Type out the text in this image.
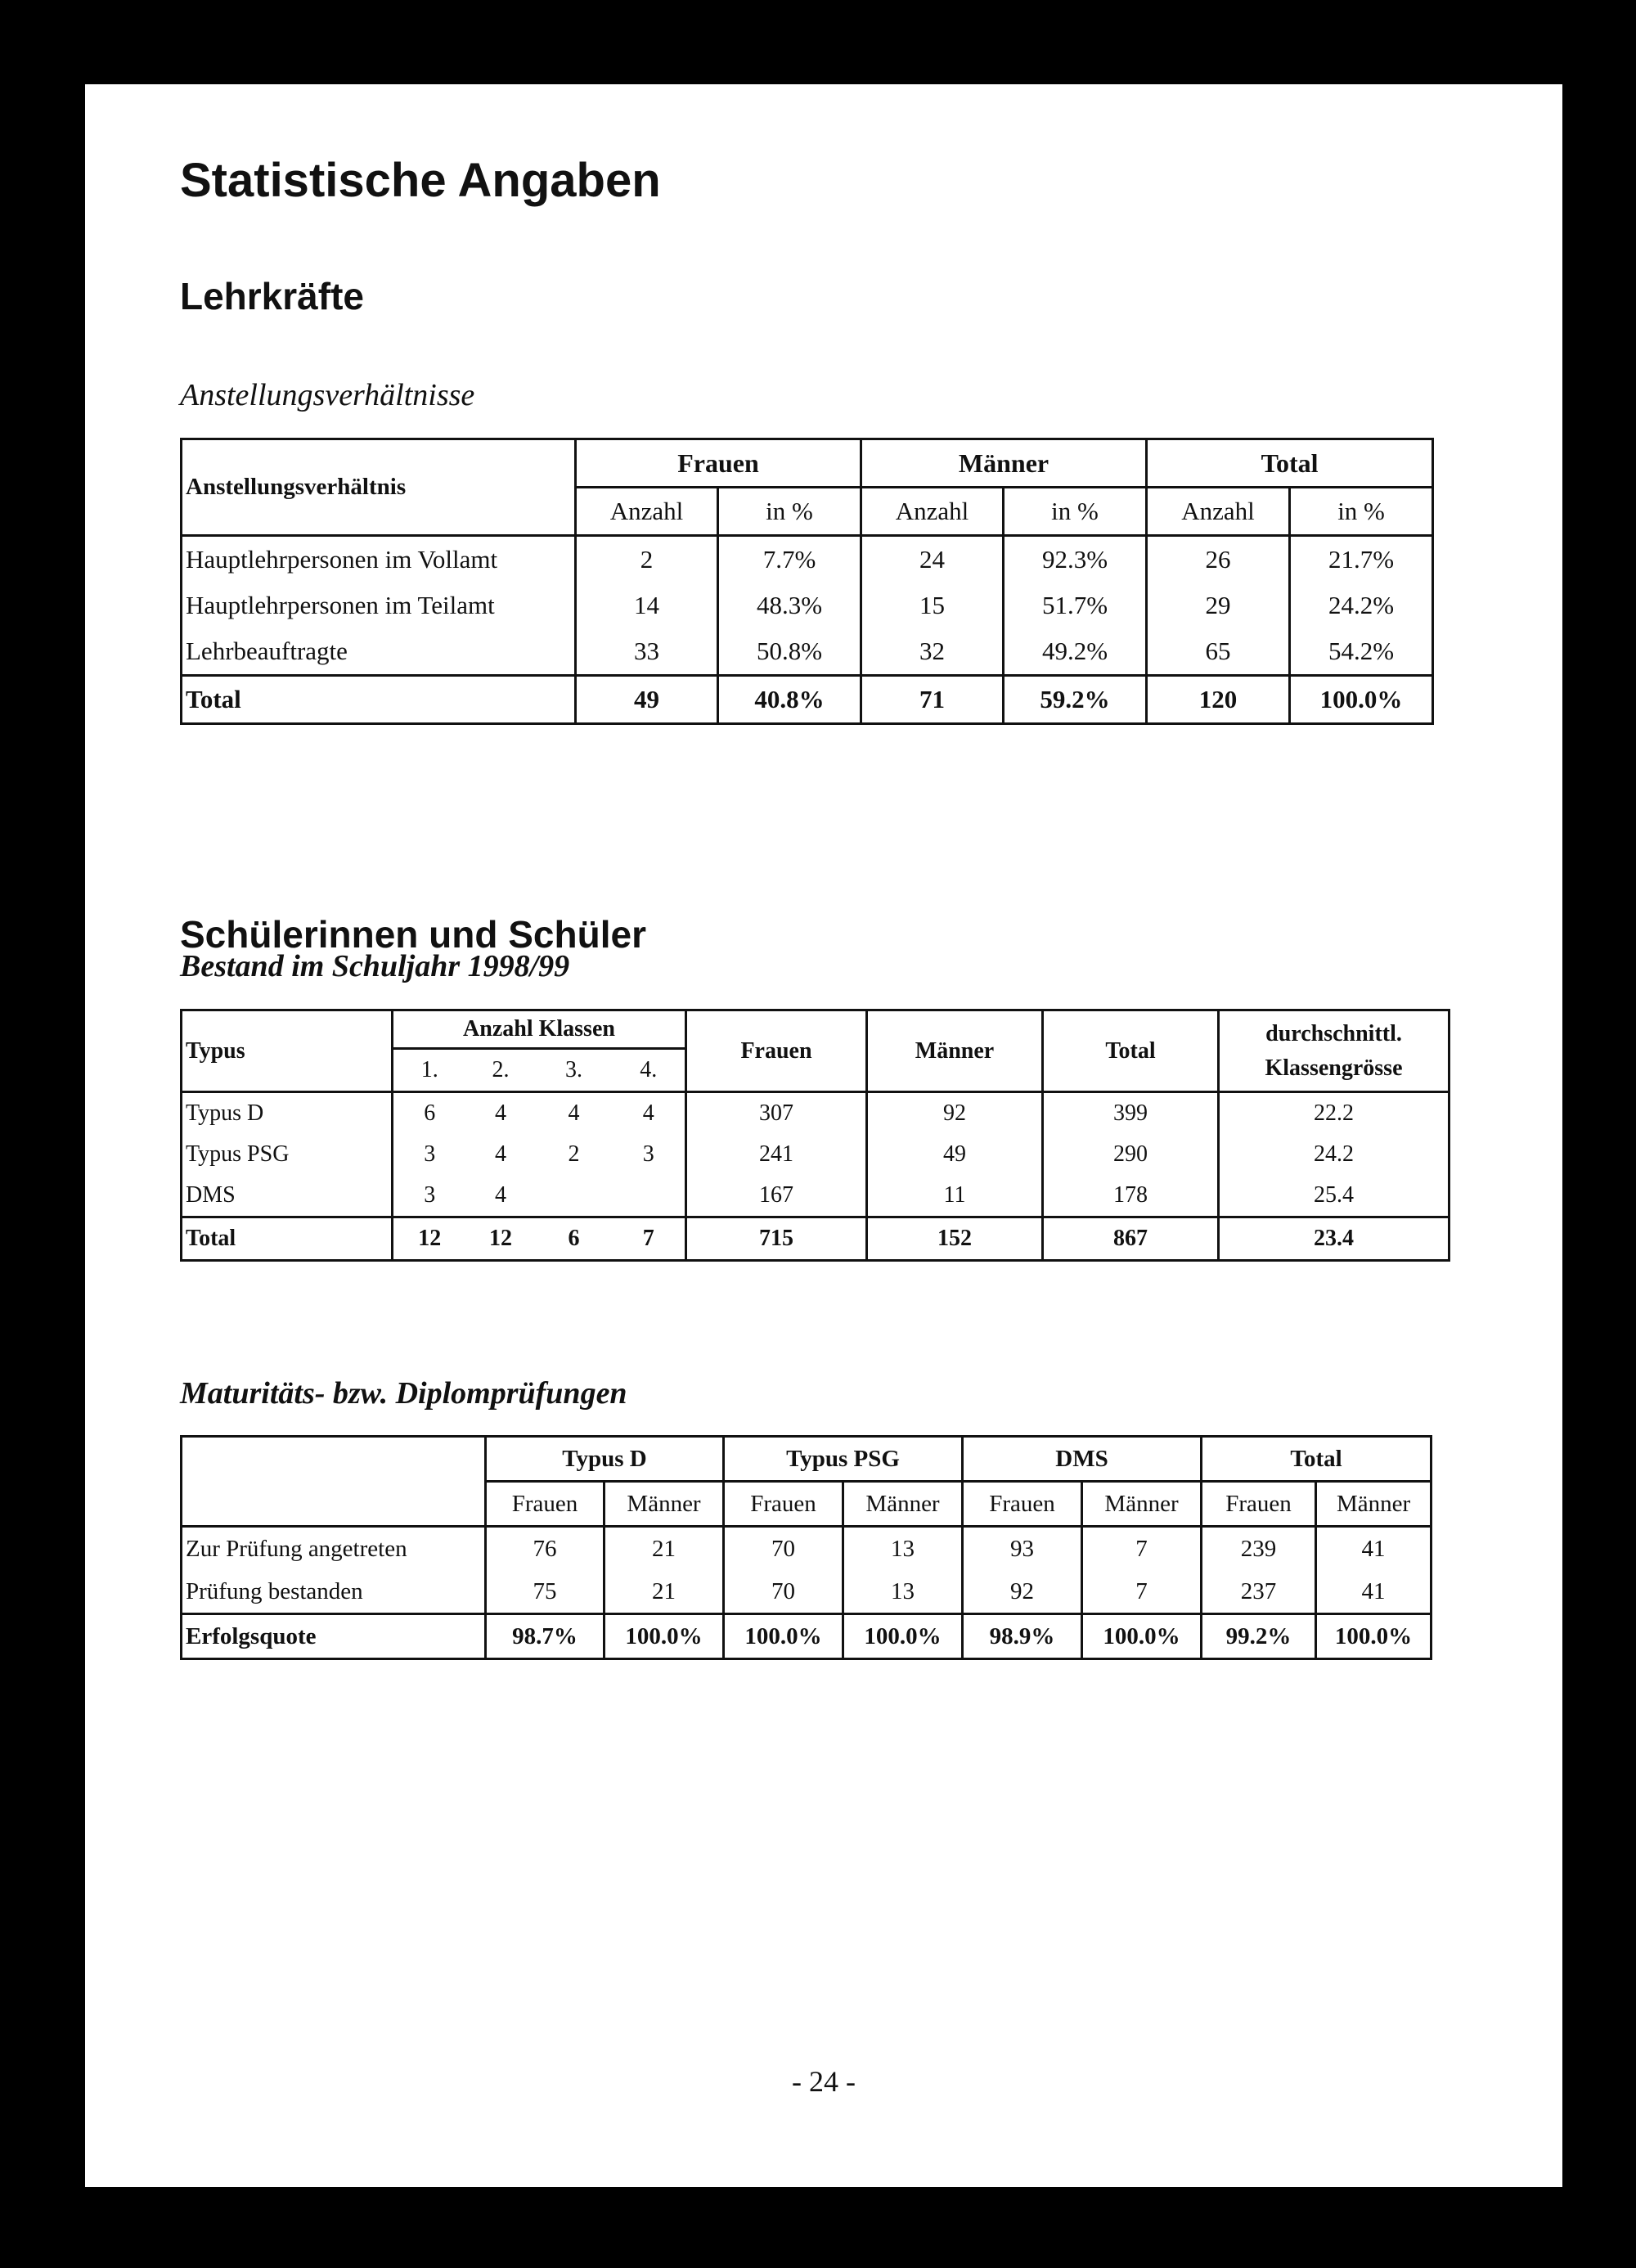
Statistische Angaben
Lehrkräfte
Anstellungsverhältnisse
Anstellungsverhältnis	Frauen		Männer		Total	
	Anzahl	in %	Anzahl	in %	Anzahl	in %
Hauptlehrpersonen im Vollamt	2	7.7%	24	92.3%	26	21.7%
Hauptlehrpersonen im Teilamt	14	48.3%	15	51.7%	29	24.2%
Lehrbeauftragte	33	50.8%	32	49.2%	65	54.2%
Total	49	40.8%	71	59.2%	120	100.0%
Schülerinnen und Schüler
Bestand im Schuljahr 1998/99
Typus	Anzahl Klassen				Frauen	Männer	Total	durchschnittl.
Klassengrösse

	1.	2.	3.	4.				
Typus D	6	4	4	4	307	92	399	22.2
Typus PSG	3	4	2	3	241	49	290	24.2
DMS	3	4			167	11	178	25.4
Total	12	12	6	7	715	152	867	23.4
Maturitäts- bzw. Diplomprüfungen
	Typus D		Typus PSG		DMS		Total	
	Frauen	Männer	Frauen	Männer	Frauen	Männer	Frauen	Männer
Zur Prüfung angetreten	76	21	70	13	93	7	239	41
Prüfung bestanden	75	21	70	13	92	7	237	41
Erfolgsquote	98.7%	100.0%	100.0%	100.0%	98.9%	100.0%	99.2%	100.0%
- 24 -
